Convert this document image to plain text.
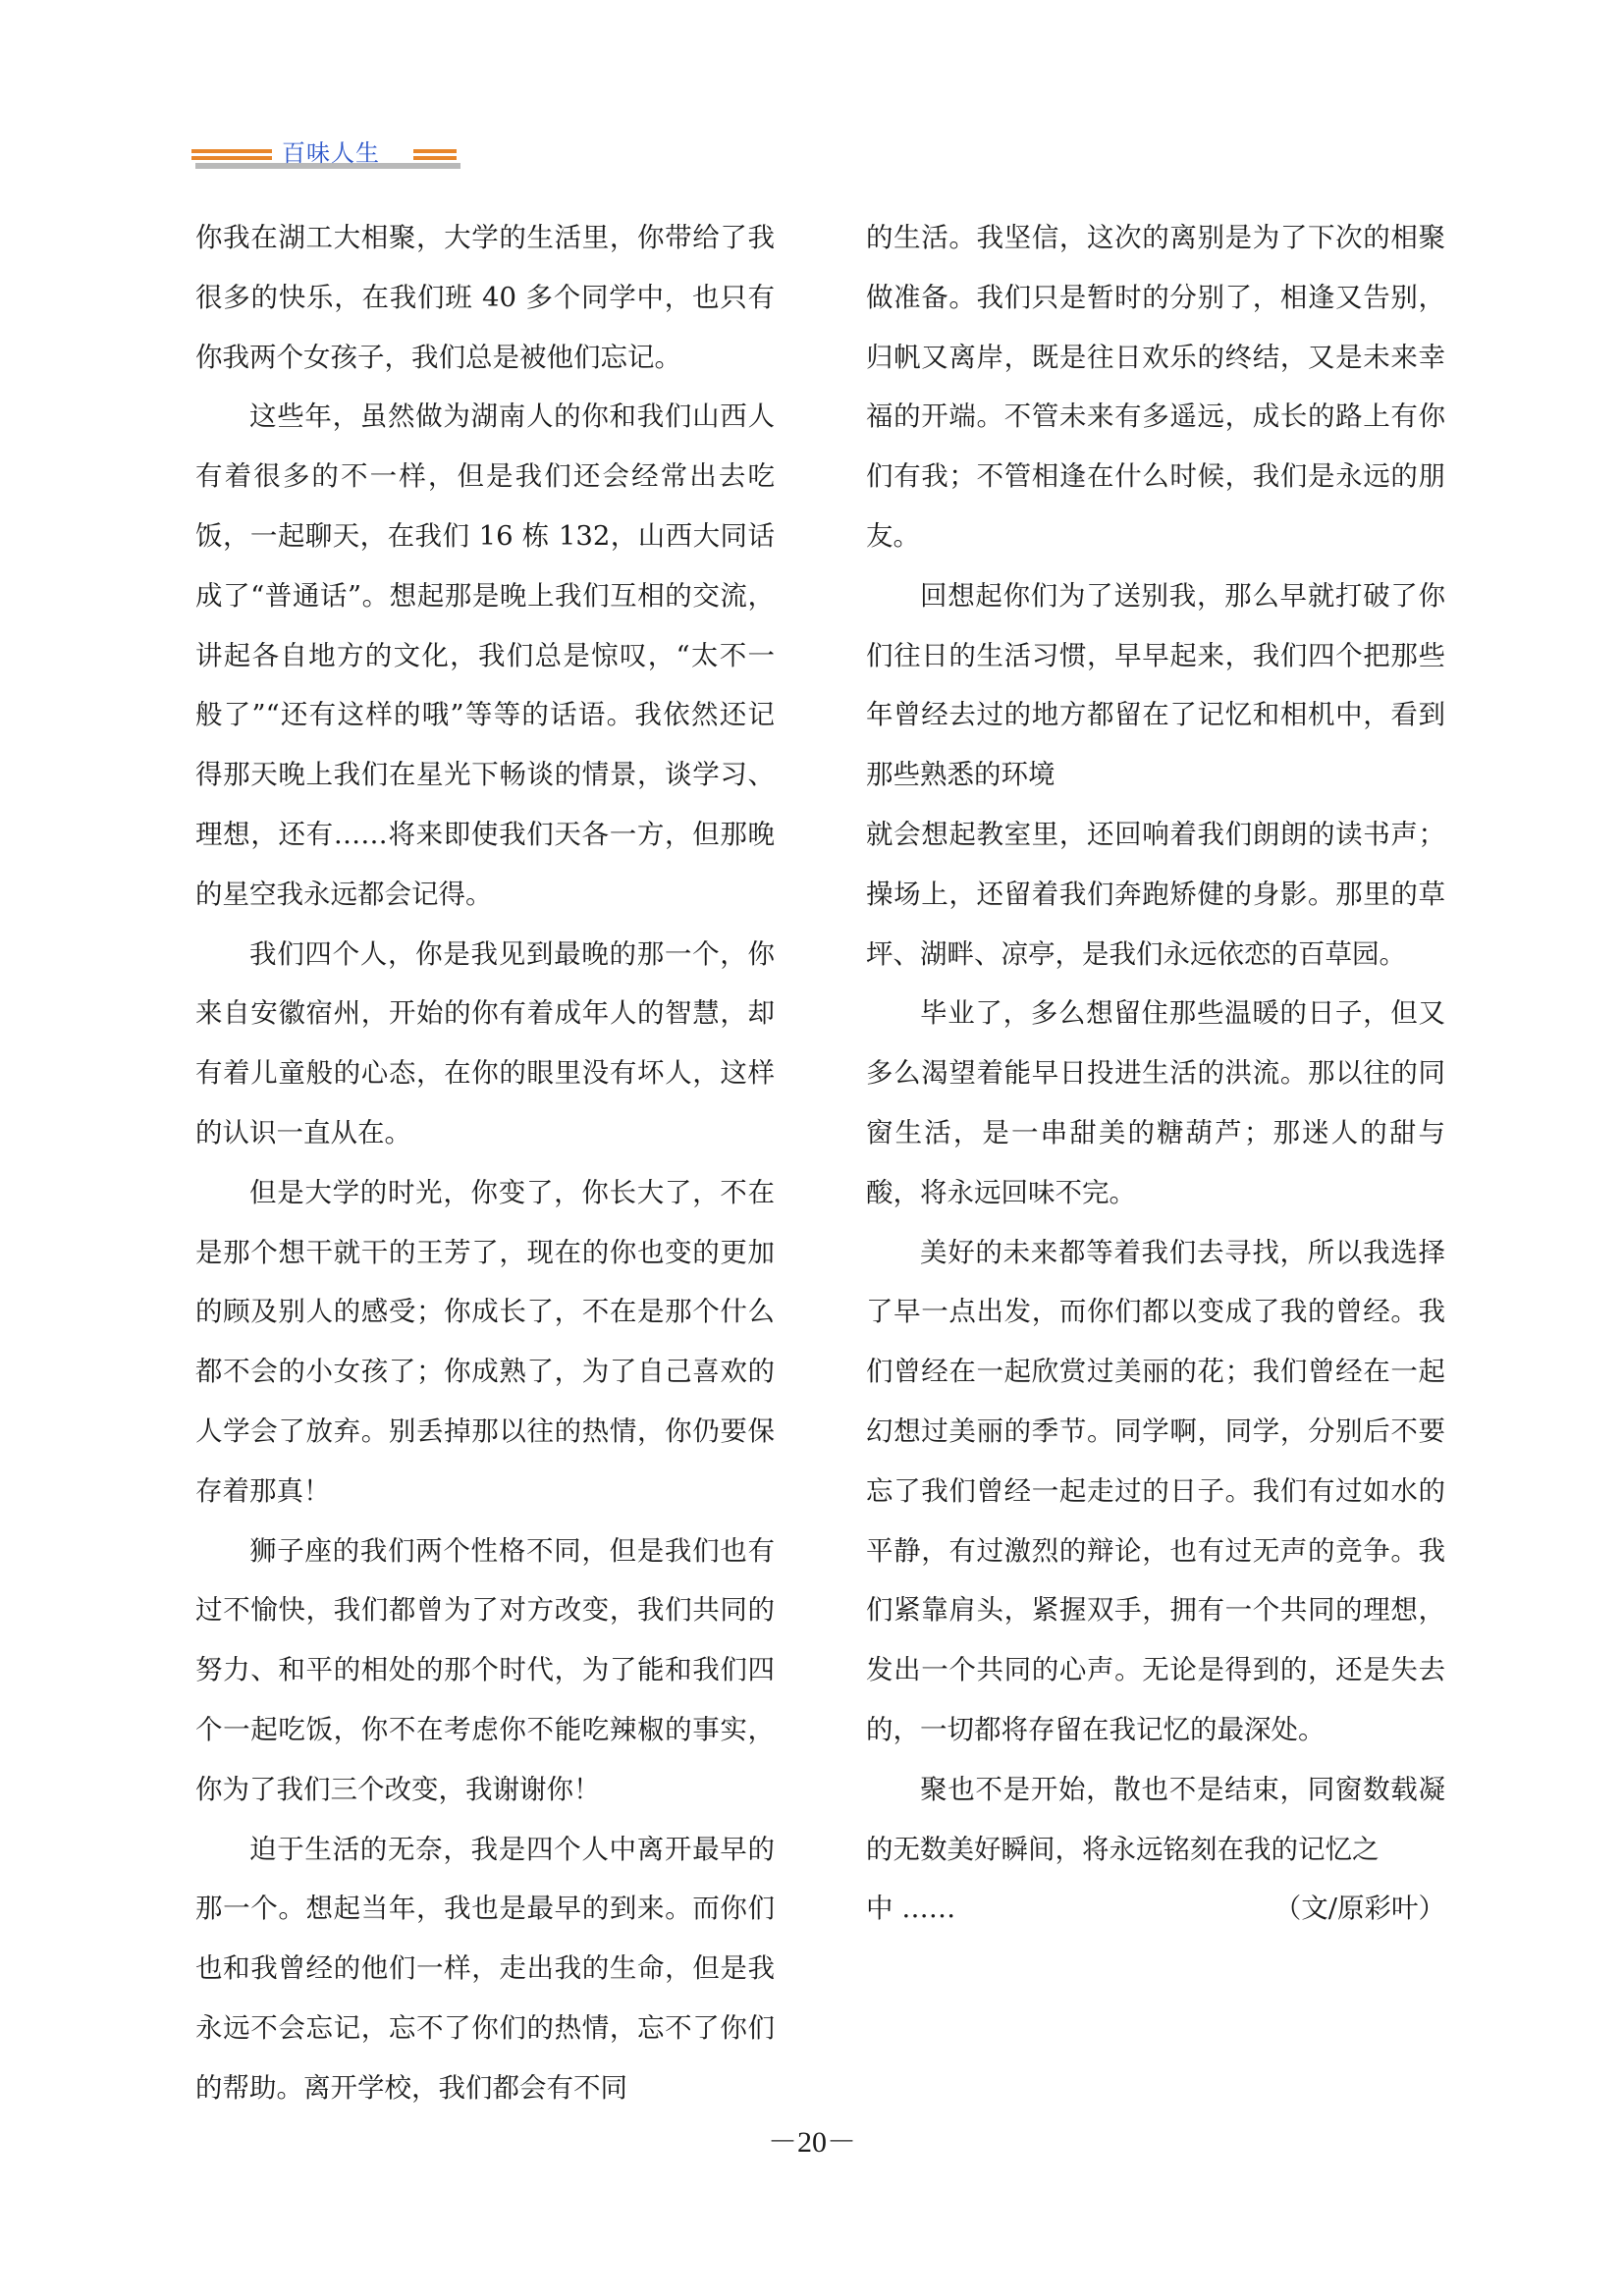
百味人生

你我在湖工大相聚，大学的生活里，你带给了我很多的快乐，在我们班 40 多个同学中，也只有你我两个女孩子，我们总是被他们忘记。

这些年，虽然做为湖南人的你和我们山西人有着很多的不一样，但是我们还会经常出去吃饭，一起聊天，在我们 16 栋 132，山西大同话成了“普通话”。想起那是晚上我们互相的交流，讲起各自地方的文化，我们总是惊叹，“太不一般了”“还有这样的哦”等等的话语。我依然还记得那天晚上我们在星光下畅谈的情景，谈学习、理想，还有……将来即使我们天各一方，但那晚的星空我永远都会记得。

我们四个人，你是我见到最晚的那一个，你来自安徽宿州，开始的你有着成年人的智慧，却有着儿童般的心态，在你的眼里没有坏人，这样的认识一直从在。

但是大学的时光，你变了，你长大了，不在是那个想干就干的王芳了，现在的你也变的更加的顾及别人的感受；你成长了，不在是那个什么都不会的小女孩了；你成熟了，为了自己喜欢的人学会了放弃。别丢掉那以往的热情，你仍要保存着那真！

狮子座的我们两个性格不同，但是我们也有过不愉快，我们都曾为了对方改变，我们共同的努力、和平的相处的那个时代，为了能和我们四个一起吃饭，你不在考虑你不能吃辣椒的事实，你为了我们三个改变，我谢谢你！

迫于生活的无奈，我是四个人中离开最早的那一个。想起当年，我也是最早的到来。而你们也和我曾经的他们一样，走出我的生命，但是我永远不会忘记，忘不了你们的热情，忘不了你们的帮助。离开学校，我们都会有不同

的生活。我坚信，这次的离别是为了下次的相聚做准备。我们只是暂时的分别了，相逢又告别，归帆又离岸，既是往日欢乐的终结，又是未来幸福的开端。不管未来有多遥远，成长的路上有你们有我；不管相逢在什么时候，我们是永远的朋友。

回想起你们为了送别我，那么早就打破了你们往日的生活习惯，早早起来，我们四个把那些年曾经去过的地方都留在了记忆和相机中，看到那些熟悉的环境

就会想起教室里，还回响着我们朗朗的读书声；操场上，还留着我们奔跑矫健的身影。那里的草坪、湖畔、凉亭，是我们永远依恋的百草园。

毕业了，多么想留住那些温暖的日子，但又多么渴望着能早日投进生活的洪流。那以往的同窗生活，是一串甜美的糖葫芦；那迷人的甜与酸，将永远回味不完。

美好的未来都等着我们去寻找，所以我选择了早一点出发，而你们都以变成了我的曾经。我们曾经在一起欣赏过美丽的花；我们曾经在一起幻想过美丽的季节。同学啊，同学，分别后不要忘了我们曾经一起走过的日子。我们有过如水的平静，有过激烈的辩论，也有过无声的竞争。我们紧靠肩头，紧握双手，拥有一个共同的理想，发出一个共同的心声。无论是得到的，还是失去的，一切都将存留在我记忆的最深处。

聚也不是开始，散也不是结束，同窗数载凝的无数美好瞬间，将永远铭刻在我的记忆之

中 ……	（文/原彩叶）
－20－
